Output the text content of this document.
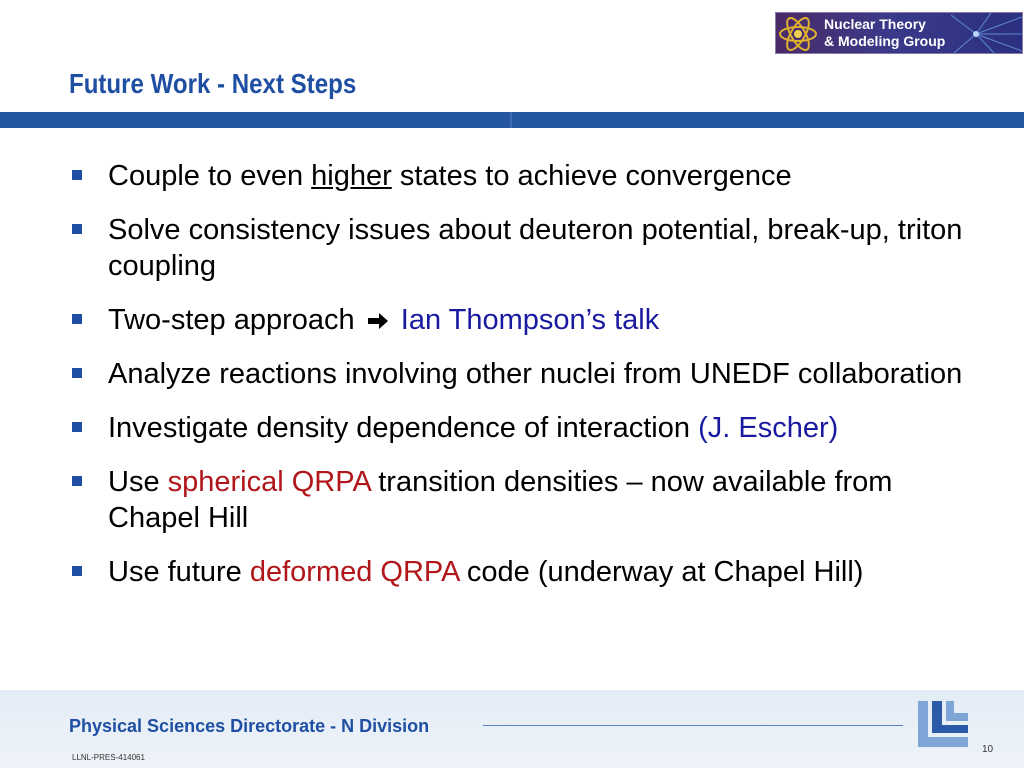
Nuclear Theory
& Modeling Group
Future Work - Next Steps
Couple to even higher states to achieve convergence
Solve consistency issues about deuteron potential, break-up, triton coupling
Two-step approach Ian Thompson’s talk
Analyze reactions involving other nuclei from UNEDF collaboration
Investigate density dependence of interaction (J. Escher)
Use spherical QRPA transition densities – now available from Chapel Hill
Use future deformed QRPA code (underway at Chapel Hill)
Physical Sciences Directorate - N Division
LLNL-PRES-414061
10
